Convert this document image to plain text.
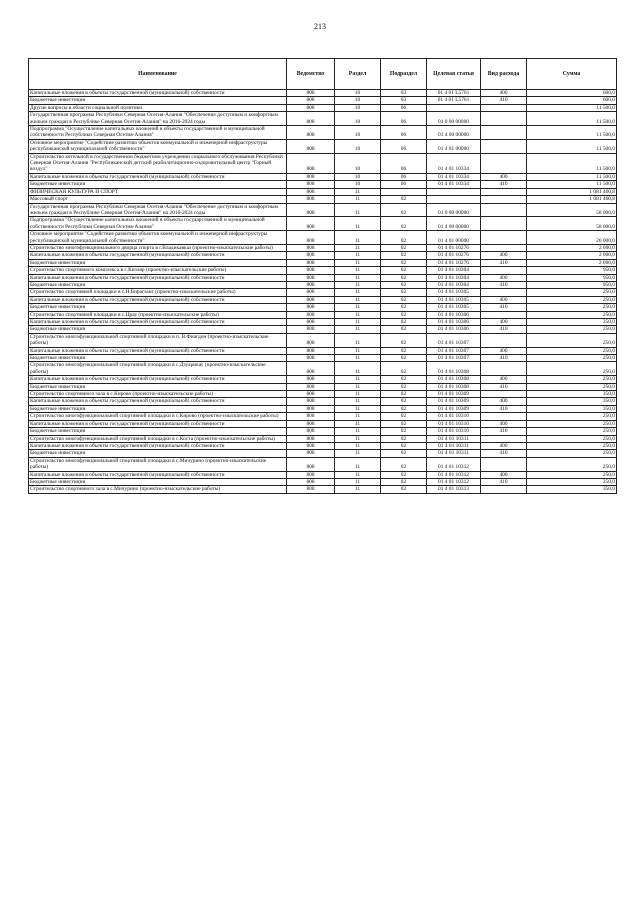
213
Наименование	Ведомство	Раздел	Подраздел	Целевая статья	Вид расхода	Сумма
Капитальные вложения в объекты государственной (муниципальной) собственности	808	10	03	01 4 01 L5761	400	600,0
Бюджетные инвестиции	808	10	03	01 4 01 L5761	410	600,0
Другие вопросы в области социальной политики	808	10	06			11 500,0
Государственная программа Республики Северная Осетия-Алания "Обеспечение доступным и комфортным жильем граждан в Республике Северная Осетия-Алания" на 2016-2024 годы	808	10	06	01 0 00 00000		11 500,0
Подпрограмма "Осуществление капитальных вложений в объекты государственной и муниципальной собственности Республики Северная Осетия-Алания"	808	10	06	01 4 00 00000		11 500,0
Основное мероприятие "Содействие развитию объектов коммунальной и инженерной инфраструктуры республиканской муниципальной собственности"	808	10	06	01 4 01 00000		11 500,0
Строительство котельной в государственном бюджетном учреждении социального обслуживания Республики Северная Осетия-Алания "Республиканский детский реабилитационно-оздоровительный центр "Горный воздух"	808	10	06	01 4 01 10334		11 500,0
Капитальные вложения в объекты государственной (муниципальной) собственности	808	10	06	01 4 01 10334	400	11 500,0
Бюджетные инвестиции	808	10	06	01 4 01 10334	410	11 500,0
ФИЗИЧЕСКАЯ КУЛЬТУРА И СПОРТ	808	11				1 081 460,8
Массовый спорт	808	11	02			1 081 460,8
Государственная программа Республики Северная Осетия-Алания "Обеспечение доступным и комфортным жильем граждан в Республике Северная Осетия-Алания" на 2016-2024 годы	808	11	02	01 0 00 00000		58 000,0
Подпрограмма "Осуществление капитальных вложений в объекты государственной и муниципальной собственности Республики Северная Осетия-Алания"	808	11	02	01 4 00 00000		58 000,0
Основное мероприятие "Содействие развитию объектов коммунальной и инженерной инфраструктуры республиканской муниципальной собственности"	808	11	02	01 4 01 00000		26 000,0
Строительство многофункционального дворца спорта в г.Владикавказ (проектно-изыскательские работы)	808	11	02	01 4 01 10276		2 000,0
Капитальные вложения в объекты государственной (муниципальной) собственности	808	11	02	01 4 01 10276	400	2 000,0
Бюджетные инвестиции	808	11	02	01 4 01 10276	410	2 000,0
Строительство спортивного комплекса в с.Кизляр (проектно-изыскательские работы)	808	11	02	01 4 01 10304		950,0
Капитальные вложения в объекты государственной (муниципальной) собственности	808	11	02	01 4 01 10304	400	950,0
Бюджетные инвестиции	808	11	02	01 4 01 10304	410	950,0
Строительство спортивной площадки в с.Н.Бирагзанг (проектно-изыскательские работы)	808	11	02	01 4 01 10305		250,0
Капитальные вложения в объекты государственной (муниципальной) собственности	808	11	02	01 4 01 10305	400	250,0
Бюджетные инвестиции	808	11	02	01 4 01 10305	410	250,0
Строительство спортивной площадки в с.Црау (проектно-изыскательские работы)	808	11	02	01 4 01 10306		250,0
Капитальные вложения в объекты государственной (муниципальной) собственности	808	11	02	01 4 01 10306	400	250,0
Бюджетные инвестиции	808	11	02	01 4 01 10306	410	250,0
Строительство многофункциональной спортивной площадки в п. В.Фиагдон (проектно-изыскательские работы)	808	11	02	01 4 01 10307		250,0
Капитальные вложения в объекты государственной (муниципальной) собственности	808	11	02	01 4 01 10307	400	250,0
Бюджетные инвестиции	808	11	02	01 4 01 10307	410	250,0
Строительство многофункциональной спортивной площадки в с.Дзуарикау (проектно-изыскательские работы)	808	11	02	01 4 01 10308		250,0
Капитальные вложения в объекты государственной (муниципальной) собственности	808	11	02	01 4 01 10308	400	250,0
Бюджетные инвестиции	808	11	02	01 4 01 10308	410	250,0
Строительство спортивного зала в с.Кирово (проектно-изыскательские работы)	808	11	02	01 4 01 10309		350,0
Капитальные вложения в объекты государственной (муниципальной) собственности	808	11	02	01 4 01 10309	400	350,0
Бюджетные инвестиции	808	11	02	01 4 01 10309	410	350,0
Строительство многофункциональной спортивной площадки в с.Кирово (проектно-изыскательские работы)	808	11	02	01 4 01 10310		250,0
Капитальные вложения в объекты государственной (муниципальной) собственности	808	11	02	01 4 01 10310	400	250,0
Бюджетные инвестиции	808	11	02	01 4 01 10310	410	250,0
Строительство многофункциональной спортивной площадки в с.Коста (проектно-изыскательские работы)	808	11	02	01 4 01 10311		250,0
Капитальные вложения в объекты государственной (муниципальной) собственности	808	11	02	01 4 01 10311	400	250,0
Бюджетные инвестиции	808	11	02	01 4 01 10311	410	250,0
Строительство многофункциональной спортивной площадки в с.Мичурино (проектно-изыскательские работы)	808	11	02	01 4 01 10312		250,0
Капитальные вложения в объекты государственной (муниципальной) собственности	808	11	02	01 4 01 10312	400	250,0
Бюджетные инвестиции	808	11	02	01 4 01 10312	410	250,0
Строительство спортивного зала в с.Мичурино (проектно-изыскательские работы)	808	11	02	01 4 01 10313		350,0
